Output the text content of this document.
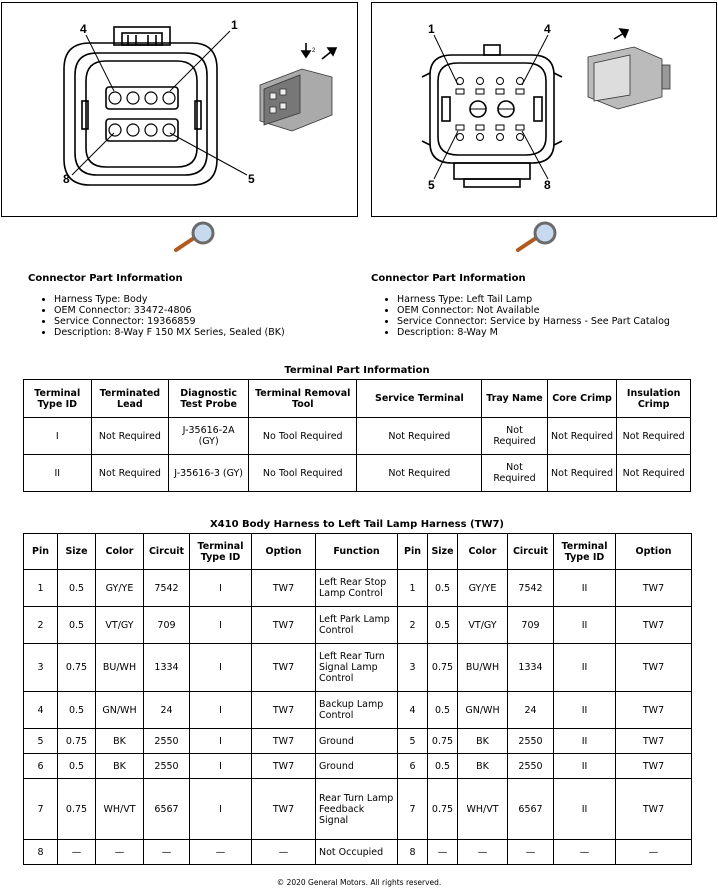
4	1
8	5
2
1	4
5	8
Connector Part Information
• Harness Type: Body
• OEM Connector: 33472-4806
• Service Connector: 19366859
• Description: 8-Way F 150 MX Series, Sealed (BK)
Connector Part Information
• Harness Type: Left Tail Lamp
• OEM Connector: Not Available
• Service Connector: Service by Harness - See Part Catalog
• Description: 8-Way M
Terminal Part Information
Terminal Type ID	Terminated Lead	Diagnostic Test Probe	Terminal Removal Tool	Service Terminal	Tray Name	Core Crimp	Insulation Crimp
I	Not Required	J-35616-2A (GY)	No Tool Required	Not Required	Not Required	Not Required	Not Required
II	Not Required	J-35616-3 (GY)	No Tool Required	Not Required	Not Required	Not Required	Not Required
X410 Body Harness to Left Tail Lamp Harness (TW7)
Pin	Size	Color	Circuit	Terminal Type ID	Option	Function	Pin	Size	Color	Circuit	Terminal Type ID	Option
1	0.5	GY/YE	7542	I	TW7	Left Rear Stop Lamp Control	1	0.5	GY/YE	7542	II	TW7
2	0.5	VT/GY	709	I	TW7	Left Park Lamp Control	2	0.5	VT/GY	709	II	TW7
3	0.75	BU/WH	1334	I	TW7	Left Rear Turn Signal Lamp Control	3	0.75	BU/WH	1334	II	TW7
4	0.5	GN/WH	24	I	TW7	Backup Lamp Control	4	0.5	GN/WH	24	II	TW7
5	0.75	BK	2550	I	TW7	Ground	5	0.75	BK	2550	II	TW7
6	0.5	BK	2550	I	TW7	Ground	6	0.5	BK	2550	II	TW7
7	0.75	WH/VT	6567	I	TW7	Rear Turn Lamp Feedback Signal	7	0.75	WH/VT	6567	II	TW7
8	—	—	—	—	—	Not Occupied	8	—	—	—	—	—
© 2020 General Motors. All rights reserved.
